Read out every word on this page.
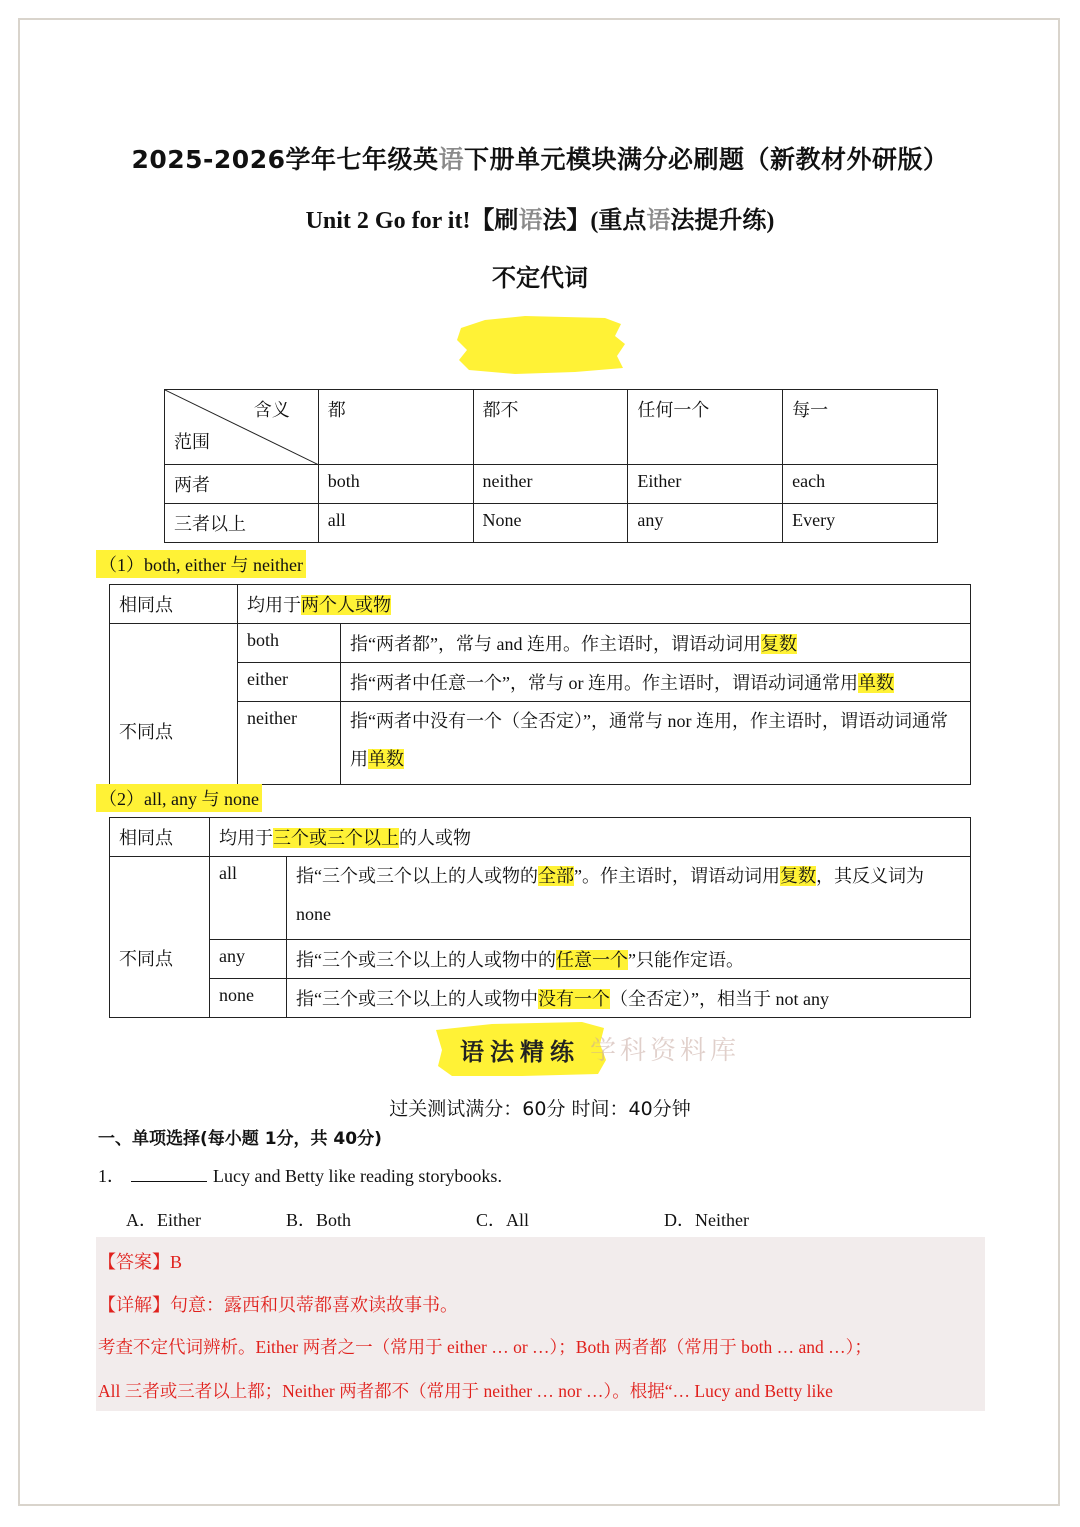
2025-2026学年七年级英语下册单元模块满分必刷题（新教材外研版）
Unit 2 Go for it!【刷语法】(重点语法提升练)
不定代词
含义
范围	都	都不	任何一个	每一
两者	both	neither	Either	each
三者以上	all	None	any	Every
（1）both, either 与 neither
相同点	均用于两个人或物	
不同点	both	指“两者都”，常与 and 连用。作主语时，谓语动词用复数
	either	指“两者中任意一个”，常与 or 连用。作主语时，谓语动词通常用单数
	neither	指“两者中没有一个（全否定）”，通常与 nor 连用，作主语时，谓语动词通常用单数
（2）all, any 与 none
相同点	均用于三个或三个以上的人或物	
不同点	all	指“三个或三个以上的人或物的全部”。作主语时，谓语动词用复数，其反义词为 none
	any	指“三个或三个以上的人或物中的任意一个”只能作定语。
	none	指“三个或三个以上的人或物中没有一个（全否定）”，相当于 not any
语法精练 学科资料库
过关测试满分：60分 时间：40分钟
一、单项选择(每小题 1分，共 40分)
1．	Lucy and Betty like reading storybooks.
A．Either	B．Both	C．All	D．Neither
【答案】B
【详解】句意：露西和贝蒂都喜欢读故事书。
考查不定代词辨析。Either 两者之一（常用于 either … or …）；Both 两者都（常用于 both … and …）；
All 三者或三者以上都；Neither 两者都不（常用于 neither … nor …）。根据“… Lucy and Betty like
